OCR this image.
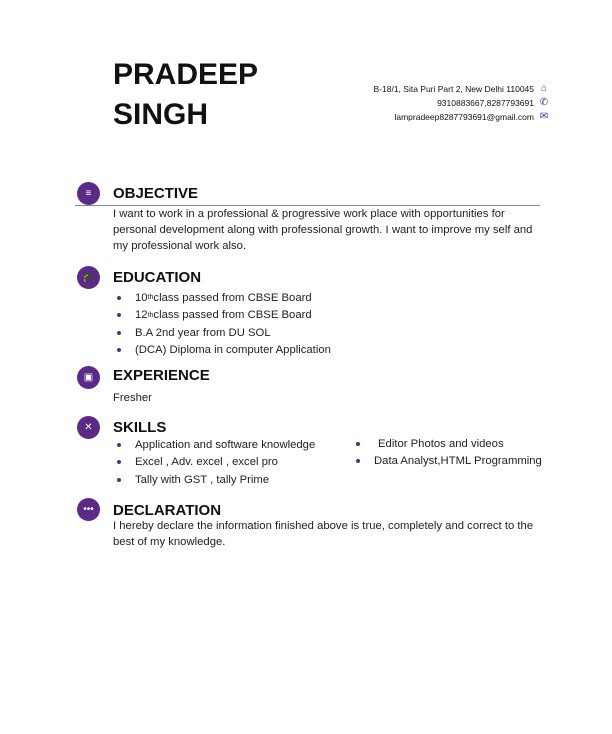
PRADEEP
SINGH
B-18/1, Sita Puri Part 2, New Delhi 110045 ⌂
9310883667,8287793691 ✆
lampradeep8287793691@gmail.com ✉
≡	OBJECTIVE
I want to work in a professional & progressive work place with opportunities for personal development along with professional growth. I want to improve my self and my professional work also.
🎓	EDUCATION
10 th class passed from CBSE Board
12 th class passed from CBSE Board
B.A 2nd year from DU SOL
(DCA) Diploma in computer Application
▣	EXPERIENCE
Fresher
✕	SKILLS
Application and software knowledge
Excel , Adv. excel , excel pro
Tally with GST , tally Prime
Editor Photos and videos
Data Analyst,HTML Programming
•••	DECLARATION
I hereby declare the information finished above is true, completely and correct to the best of my knowledge.
